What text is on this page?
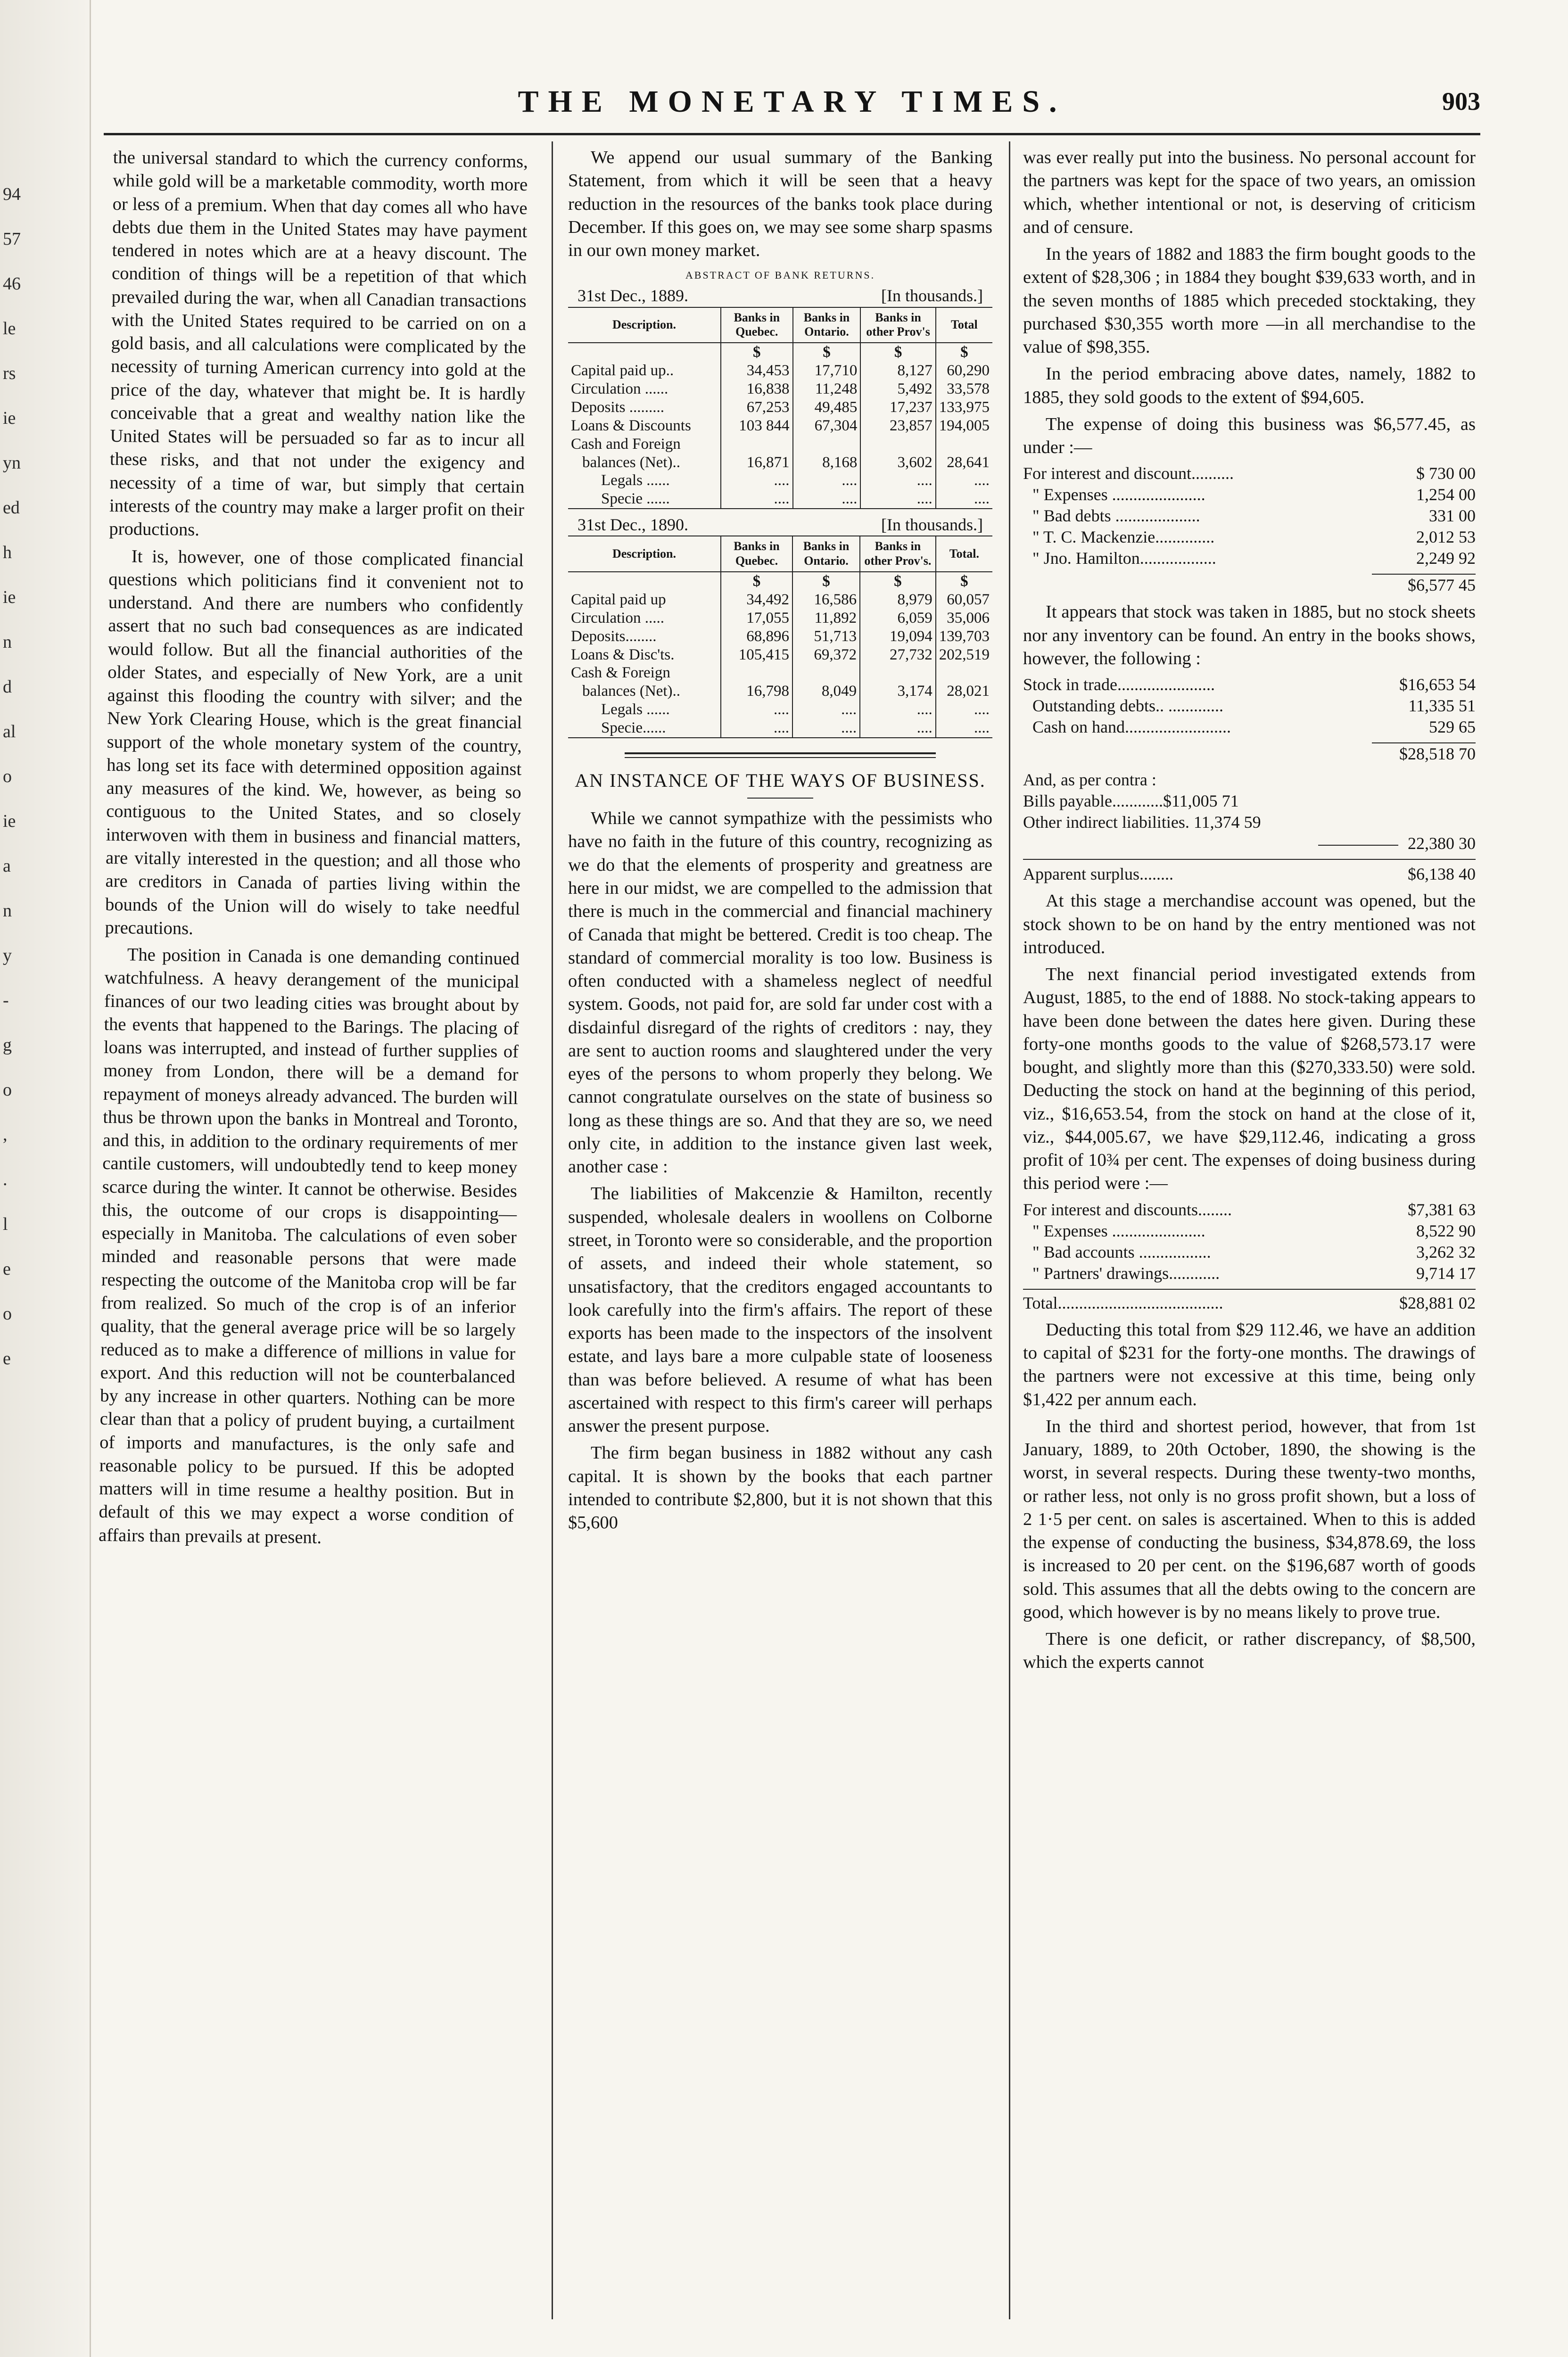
94
57
46
le
rs
ie
yn
ed
h
ie
n
d
al
o
ie
a
n
y
-
g
o
,
.
l
e
o
e
THE MONETARY TIMES.	903

the universal standard to which the currency conforms, while gold will be a marketable commodity, worth more or less of a premium. When that day comes all who have debts due them in the United States may have payment tendered in notes which are at a heavy discount. The condition of things will be a repetition of that which prevailed during the war, when all Canadian transactions with the United States required to be carried on on a gold basis, and all calculations were complicated by the necessity of turning American currency into gold at the price of the day, whatever that might be. It is hardly conceivable that a great and wealthy nation like the United States will be persuaded so far as to incur all these risks, and that not under the exigency and necessity of a time of war, but simply that certain interests of the country may make a larger profit on their productions.

It is, however, one of those complicated financial questions which politicians find it convenient not to understand. And there are numbers who confidently assert that no such bad consequences as are indicated would follow. But all the financial authorities of the older States, and especially of New York, are a unit against this flooding the country with silver; and the New York Clearing House, which is the great financial support of the whole monetary system of the country, has long set its face with determined opposition against any measures of the kind. We, however, as being so contiguous to the United States, and so closely interwoven with them in business and financial matters, are vitally interested in the question; and all those who are creditors in Canada of parties living within the bounds of the Union will do wisely to take needful precautions.

The position in Canada is one demanding continued watchfulness. A heavy derangement of the municipal finances of our two leading cities was brought about by the events that happened to the Barings. The placing of loans was interrupted, and instead of further supplies of money from London, there will be a demand for repayment of moneys already advanced. The burden will thus be thrown upon the banks in Montreal and Toronto, and this, in addition to the ordinary requirements of mer cantile customers, will undoubtedly tend to keep money scarce during the winter. It cannot be otherwise. Besides this, the outcome of our crops is disappointing—especially in Manitoba. The calculations of even sober minded and reasonable persons that were made respecting the outcome of the Manitoba crop will be far from realized. So much of the crop is of an inferior quality, that the general average price will be so largely reduced as to make a difference of millions in value for export. And this reduction will not be counterbalanced by any increase in other quarters. Nothing can be more clear than that a policy of prudent buying, a curtailment of imports and manufactures, is the only safe and reasonable policy to be pursued. If this be adopted matters will in time resume a healthy position. But in default of this we may expect a worse condition of affairs than prevails at present.

We append our usual summary of the Banking Statement, from which it will be seen that a heavy reduction in the resources of the banks took place during December. If this goes on, we may see some sharp spasms in our own money market.

ABSTRACT OF BANK RETURNS.
31st Dec., 1889.	[In thousands.]
Description.	Banks in Quebec.	Banks in Ontario.	Banks in other Prov's	Total
	$	$	$	$
Capital paid up..	34,453	17,710	8,127	60,290
Circulation ......	16,838	11,248	5,492	33,578
Deposits .........	67,253	49,485	17,237	133,975
Loans & Discounts	103 844	67,304	23,857	194,005
Cash and Foreign				
balances (Net)..	16,871	8,168	3,602	28,641
Legals ......	....	....	....	....
Specie ......	....	....	....	....
31st Dec., 1890.	[In thousands.]
Description.	Banks in Quebec.	Banks in Ontario.	Banks in other Prov's.	Total.
	$	$	$	$
Capital paid up	34,492	16,586	8,979	60,057
Circulation .....	17,055	11,892	6,059	35,006
Deposits........	68,896	51,713	19,094	139,703
Loans & Disc'ts.	105,415	69,372	27,732	202,519
Cash & Foreign				
balances (Net)..	16,798	8,049	3,174	28,021
Legals ......	....	....	....	....
Specie......	....	....	....	....
AN INSTANCE OF THE WAYS OF BUSINESS.

While we cannot sympathize with the pessimists who have no faith in the future of this country, recognizing as we do that the elements of prosperity and greatness are here in our midst, we are compelled to the admission that there is much in the commercial and financial machinery of Canada that might be bettered. Credit is too cheap. The standard of commercial morality is too low. Business is often conducted with a shameless neglect of needful system. Goods, not paid for, are sold far under cost with a disdainful disregard of the rights of creditors : nay, they are sent to auction rooms and slaughtered under the very eyes of the persons to whom properly they belong. We cannot congratulate ourselves on the state of business so long as these things are so. And that they are so, we need only cite, in addition to the instance given last week, another case :

The liabilities of Makcenzie & Hamilton, recently suspended, wholesale dealers in woollens on Colborne street, in Toronto were so considerable, and the proportion of assets, and indeed their whole statement, so unsatisfactory, that the creditors engaged accountants to look carefully into the firm's affairs. The report of these exports has been made to the inspectors of the insolvent estate, and lays bare a more culpable state of looseness than was before believed. A resume of what has been ascertained with respect to this firm's career will perhaps answer the present purpose.

The firm began business in 1882 without any cash capital. It is shown by the books that each partner intended to contribute $2,800, but it is not shown that this $5,600

was ever really put into the business. No personal account for the partners was kept for the space of two years, an omission which, whether intentional or not, is deserving of criticism and of censure.

In the years of 1882 and 1883 the firm bought goods to the extent of $28,306 ; in 1884 they bought $39,633 worth, and in the seven months of 1885 which preceded stocktaking, they purchased $30,355 worth more —in all merchandise to the value of $98,355.

In the period embracing above dates, namely, 1882 to 1885, they sold goods to the extent of $94,605.

The expense of doing this business was $6,577.45, as under :—

For interest and discount..........	$ 730 00
" Expenses ......................	1,254 00
" Bad debts ....................	331 00
" T. C. Mackenzie..............	2,012 53
" Jno. Hamilton..................	2,249 92
$6,577 45

It appears that stock was taken in 1885, but no stock sheets nor any inventory can be found. An entry in the books shows, however, the following :

Stock in trade.......................	$16,653 54
Outstanding debts.. .............	11,335 51
Cash on hand.........................	529 65
$28,518 70
And, as per contra :
Bills payable............$11,005 71
Other indirect liabilities. 11,374 59
22,380 30
Apparent surplus........	$6,138 40

At this stage a merchandise account was opened, but the stock shown to be on hand by the entry mentioned was not introduced.

The next financial period investigated extends from August, 1885, to the end of 1888. No stock-taking appears to have been done between the dates here given. During these forty-one months goods to the value of $268,573.17 were bought, and slightly more than this ($270,333.50) were sold. Deducting the stock on hand at the beginning of this period, viz., $16,653.54, from the stock on hand at the close of it, viz., $44,005.67, we have $29,112.46, indicating a gross profit of 10¾ per cent. The expenses of doing business during this period were :—

For interest and discounts........	$7,381 63
" Expenses ......................	8,522 90
" Bad accounts .................	3,262 32
" Partners' drawings............	9,714 17
Total.......................................	$28,881 02

Deducting this total from $29 112.46, we have an addition to capital of $231 for the forty-one months. The drawings of the partners were not excessive at this time, being only $1,422 per annum each.

In the third and shortest period, however, that from 1st January, 1889, to 20th October, 1890, the showing is the worst, in several respects. During these twenty-two months, or rather less, not only is no gross profit shown, but a loss of 2 1·5 per cent. on sales is ascertained. When to this is added the expense of conducting the business, $34,878.69, the loss is increased to 20 per cent. on the $196,687 worth of goods sold. This assumes that all the debts owing to the concern are good, which however is by no means likely to prove true.

There is one deficit, or rather discrepancy, of $8,500, which the experts cannot
